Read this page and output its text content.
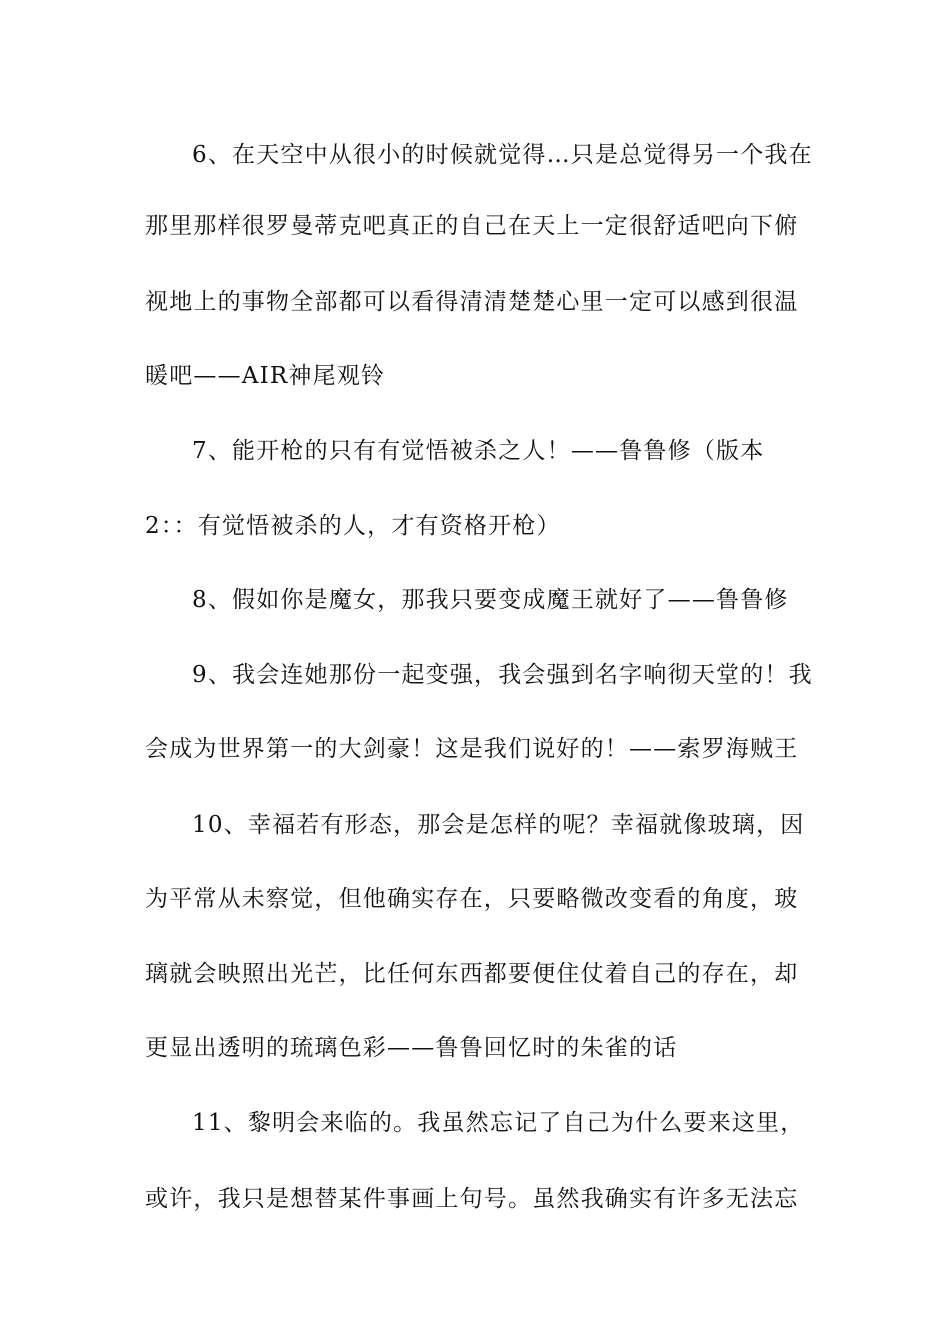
6、在天空中从很小的时候就觉得…只是总觉得另一个我在
那里那样很罗曼蒂克吧真正的自己在天上一定很舒适吧向下俯
视地上的事物全部都可以看得清清楚楚心里一定可以感到很温
暖吧——AIR神尾观铃
7、能开枪的只有有觉悟被杀之人！——鲁鲁修（版本
2：：有觉悟被杀的人，才有资格开枪）
8、假如你是魔女，那我只要变成魔王就好了——鲁鲁修
9、我会连她那份一起变强，我会强到名字响彻天堂的！我
会成为世界第一的大剑豪！这是我们说好的！——索罗海贼王
10、幸福若有形态，那会是怎样的呢？幸福就像玻璃，因
为平常从未察觉，但他确实存在，只要略微改变看的角度，玻
璃就会映照出光芒，比任何东西都要便住仗着自己的存在，却
更显出透明的琉璃色彩——鲁鲁回忆时的朱雀的话
11、黎明会来临的。我虽然忘记了自己为什么要来这里，
或许，我只是想替某件事画上句号。虽然我确实有许多无法忘
